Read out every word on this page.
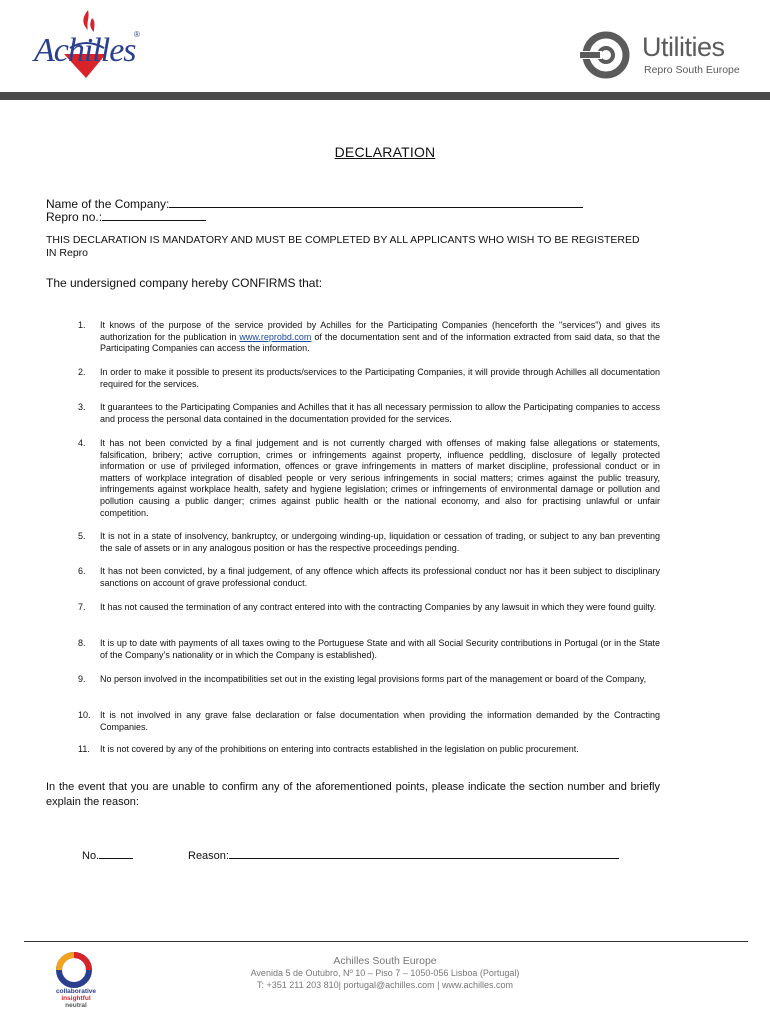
Achilles
®	Utilities
Repro South Europe
DECLARATION
Name of the Company:
Repro no.:
THIS DECLARATION IS MANDATORY AND MUST BE COMPLETED BY ALL APPLICANTS WHO WISH TO BE REGISTERED IN Repro
The undersigned company hereby CONFIRMS that:
1.	It knows of the purpose of the service provided by Achilles for the Participating Companies (henceforth the "services") and gives its authorization for the publication in www.reprobd.com of the documentation sent and of the information extracted from said data, so that the Participating Companies can access the information.
2.	In order to make it possible to present its products/services to the Participating Companies, it will provide through Achilles all documentation required for the services.
3.	It guarantees to the Participating Companies and Achilles that it has all necessary permission to allow the Participating companies to access and process the personal data contained in the documentation provided for the services.
4.	It has not been convicted by a final judgement and is not currently charged with offenses of making false allegations or statements, falsification, bribery; active corruption, crimes or infringements against property, influence peddling, disclosure of legally protected information or use of privileged information, offences or grave infringements in matters of market discipline, professional conduct or in matters of workplace integration of disabled people or very serious infringements in social matters; crimes against the public treasury, infringements against workplace health, safety and hygiene legislation; crimes or infringements of environmental damage or pollution and pollution causing a public danger; crimes against public health or the national economy, and also for practising unlawful or unfair competition.
5.	It is not in a state of insolvency, bankruptcy, or undergoing winding-up, liquidation or cessation of trading, or subject to any ban preventing the sale of assets or in any analogous position or has the respective proceedings pending.
6.	It has not been convicted, by a final judgement, of any offence which affects its professional conduct nor has it been subject to disciplinary sanctions on account of grave professional conduct.
7.	It has not caused the termination of any contract entered into with the contracting Companies by any lawsuit in which they were found guilty.
8.	It is up to date with payments of all taxes owing to the Portuguese State and with all Social Security contributions in Portugal (or in the State of the Company’s nationality or in which the Company is established).
9.	No person involved in the incompatibilities set out in the existing legal provisions forms part of the management or board of the Company,
10.	It is not involved in any grave false declaration or false documentation when providing the information demanded by the Contracting Companies.
11.	It is not covered by any of the prohibitions on entering into contracts established in the legislation on public procurement.
In the event that you are unable to confirm any of the aforementioned points, please indicate the section number and briefly explain the reason:
No.	Reason:
collaborative
insightful
neutral
Achilles South Europe
Avenida 5 de Outubro, Nº 10 – Piso 7 – 1050-056 Lisboa (Portugal)
T: +351 211 203 810| portugal@achilles.com | www.achilles.com
